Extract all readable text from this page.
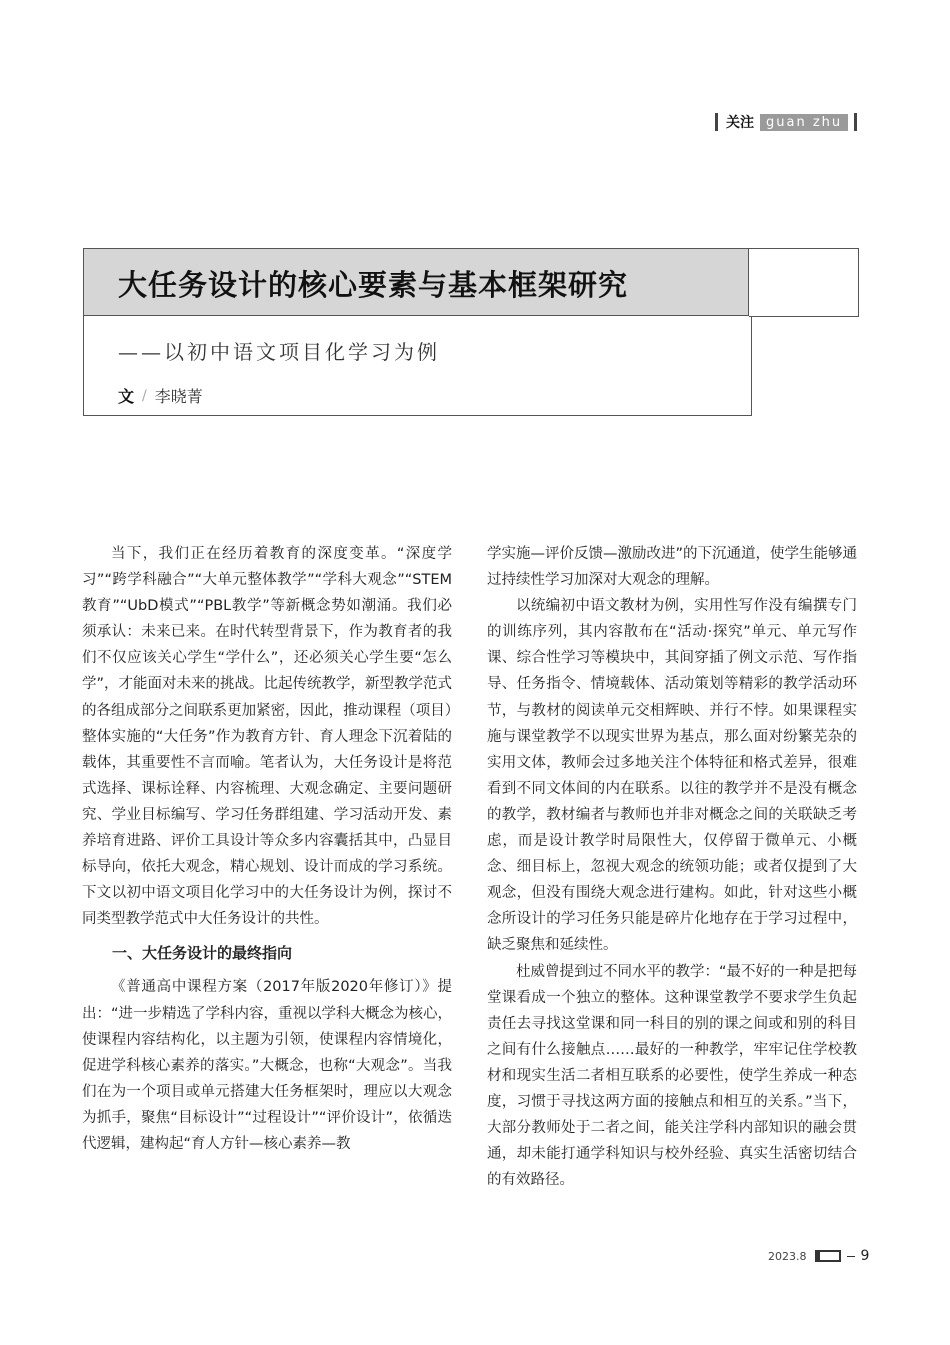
关注 guan zhu
大任务设计的核心要素与基本框架研究
——以初中语文项目化学习为例
文 / 李晓菁

当下，我们正在经历着教育的深度变革。“深度学习”“跨学科融合”“大单元整体教学”“学科大观念”“STEM教育”“UbD模式”“PBL教学”等新概念势如潮涌。我们必须承认：未来已来。在时代转型背景下，作为教育者的我们不仅应该关心学生“学什么”，还必须关心学生要“怎么学”，才能面对未来的挑战。比起传统教学，新型教学范式的各组成部分之间联系更加紧密，因此，推动课程（项目）整体实施的“大任务”作为教育方针、育人理念下沉着陆的载体，其重要性不言而喻。笔者认为，大任务设计是将范式选择、课标诠释、内容梳理、大观念确定、主要问题研究、学业目标编写、学习任务群组建、学习活动开发、素养培育进路、评价工具设计等众多内容囊括其中，凸显目标导向，依托大观念，精心规划、设计而成的学习系统。下文以初中语文项目化学习中的大任务设计为例，探讨不同类型教学范式中大任务设计的共性。

一、大任务设计的最终指向

《普通高中课程方案（2017年版2020年修订）》提出：“进一步精选了学科内容，重视以学科大概念为核心，使课程内容结构化，以主题为引领，使课程内容情境化，促进学科核心素养的落实。”大概念，也称“大观念”。当我们在为一个项目或单元搭建大任务框架时，理应以大观念为抓手，聚焦“目标设计”“过程设计”“评价设计”，依循迭代逻辑，建构起“育人方针—核心素养—教

学实施—评价反馈—激励改进”的下沉通道，使学生能够通过持续性学习加深对大观念的理解。

以统编初中语文教材为例，实用性写作没有编撰专门的训练序列，其内容散布在“活动·探究”单元、单元写作课、综合性学习等模块中，其间穿插了例文示范、写作指导、任务指令、情境载体、活动策划等精彩的教学活动环节，与教材的阅读单元交相辉映、并行不悖。如果课程实施与课堂教学不以现实世界为基点，那么面对纷繁芜杂的实用文体，教师会过多地关注个体特征和格式差异，很难看到不同文体间的内在联系。以往的教学并不是没有概念的教学，教材编者与教师也并非对概念之间的关联缺乏考虑，而是设计教学时局限性大，仅停留于微单元、小概念、细目标上，忽视大观念的统领功能；或者仅提到了大观念，但没有围绕大观念进行建构。如此，针对这些小概念所设计的学习任务只能是碎片化地存在于学习过程中，缺乏聚焦和延续性。

杜威曾提到过不同水平的教学：“最不好的一种是把每堂课看成一个独立的整体。这种课堂教学不要求学生负起责任去寻找这堂课和同一科目的别的课之间或和别的科目之间有什么接触点……最好的一种教学，牢牢记住学校教材和现实生活二者相互联系的必要性，使学生养成一种态度，习惯于寻找这两方面的接触点和相互的关系。”当下，大部分教师处于二者之间，能关注学科内部知识的融会贯通，却未能打通学科知识与校外经验、真实生活密切结合的有效路径。

2023.8	9
